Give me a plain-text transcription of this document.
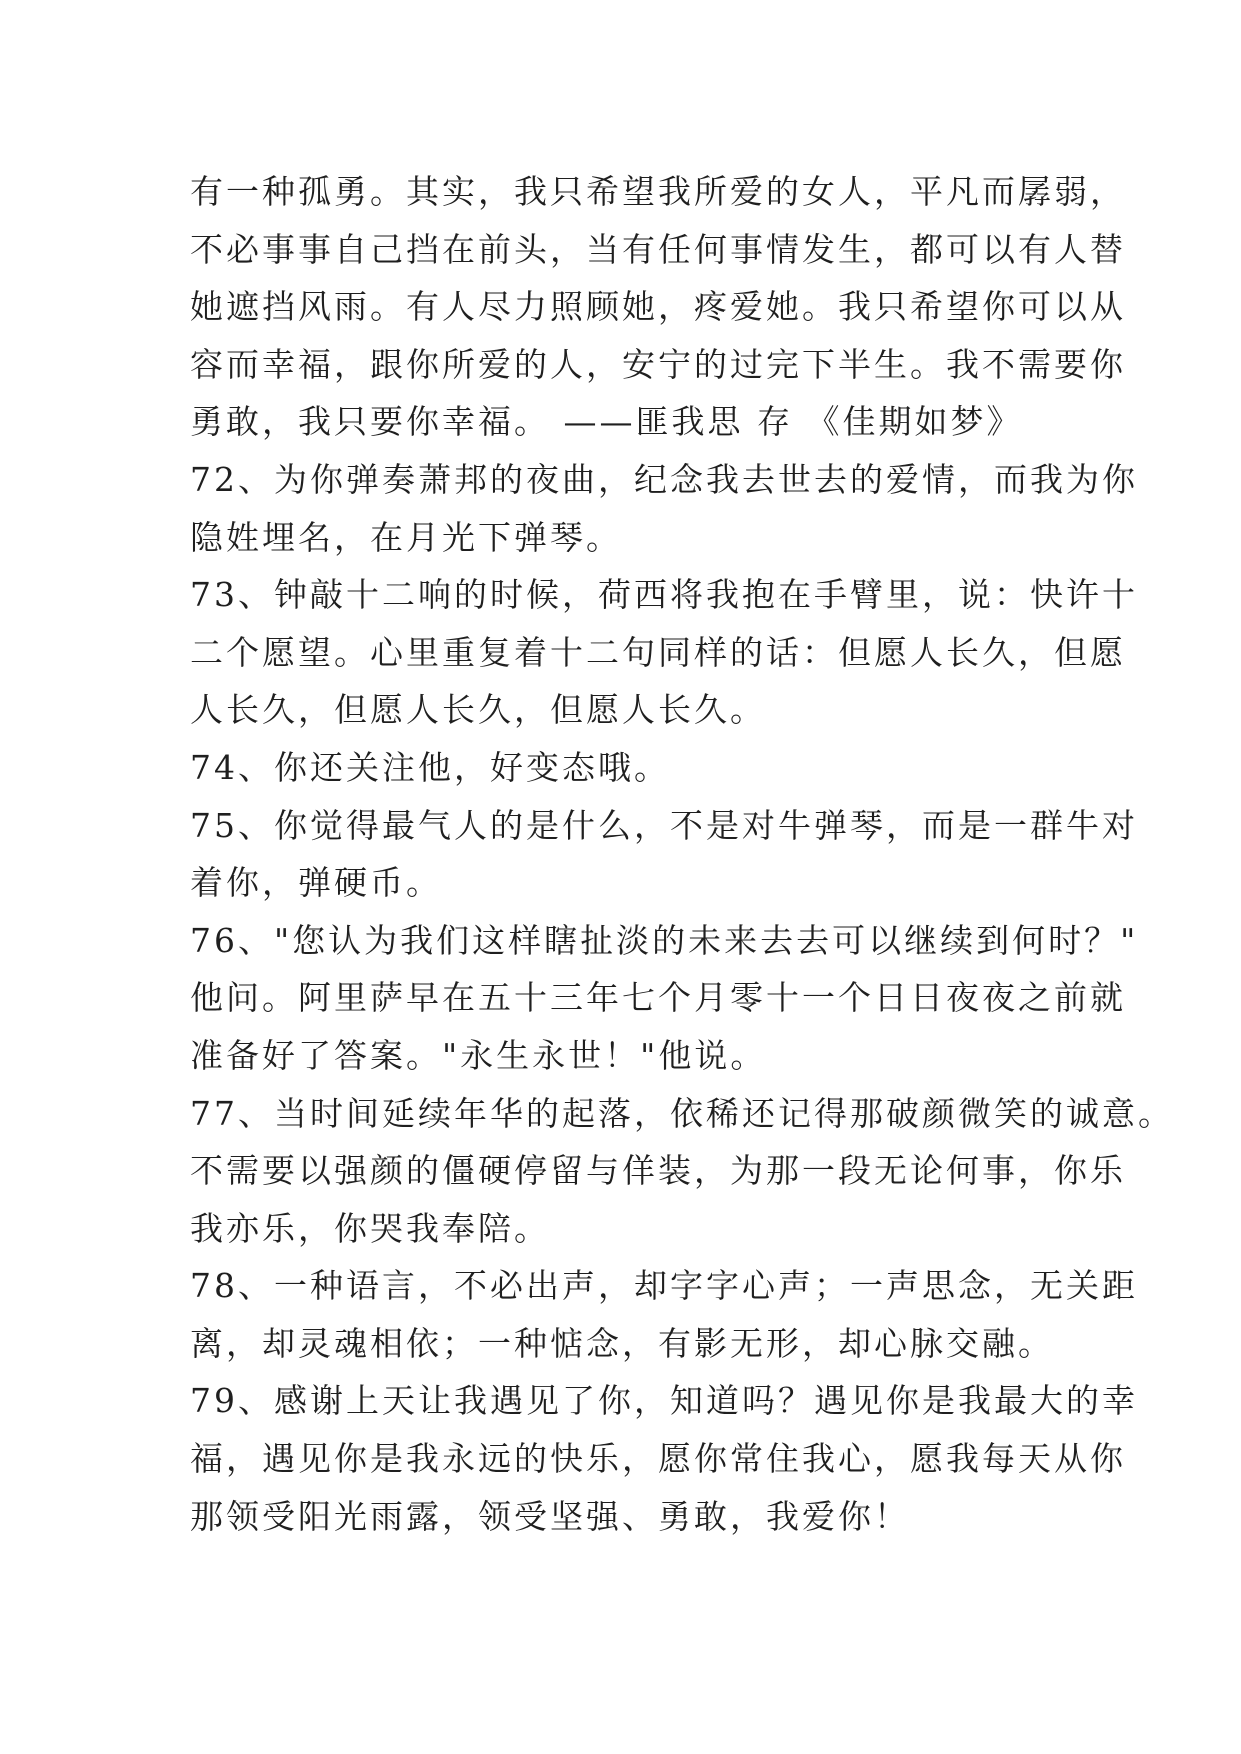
有一种孤勇。其实，我只希望我所爱的女人，平凡而孱弱，
不必事事自己挡在前头，当有任何事情发生，都可以有人替
她遮挡风雨。有人尽力照顾她，疼爱她。我只希望你可以从
容而幸福，跟你所爱的人，安宁的过完下半生。我不需要你
勇敢，我只要你幸福。 ——匪我思 存 《佳期如梦》
72、为你弹奏萧邦的夜曲，纪念我去世去的爱情，而我为你
隐姓埋名，在月光下弹琴。
73、钟敲十二响的时候，荷西将我抱在手臂里，说：快许十
二个愿望。心里重复着十二句同样的话：但愿人长久，但愿
人长久，但愿人长久，但愿人长久。
74、你还关注他，好变态哦。
75、你觉得最气人的是什么，不是对牛弹琴，而是一群牛对
着你，弹硬币。
76、"您认为我们这样瞎扯淡的未来去去可以继续到何时？"
他问。阿里萨早在五十三年七个月零十一个日日夜夜之前就
准备好了答案。"永生永世！"他说。
77、当时间延续年华的起落，依稀还记得那破颜微笑的诚意。
不需要以强颜的僵硬停留与佯装，为那一段无论何事，你乐
我亦乐，你哭我奉陪。
78、一种语言，不必出声，却字字心声；一声思念，无关距
离，却灵魂相依；一种惦念，有影无形，却心脉交融。
79、感谢上天让我遇见了你，知道吗？遇见你是我最大的幸
福，遇见你是我永远的快乐，愿你常住我心，愿我每天从你
那领受阳光雨露，领受坚强、勇敢，我爱你！
